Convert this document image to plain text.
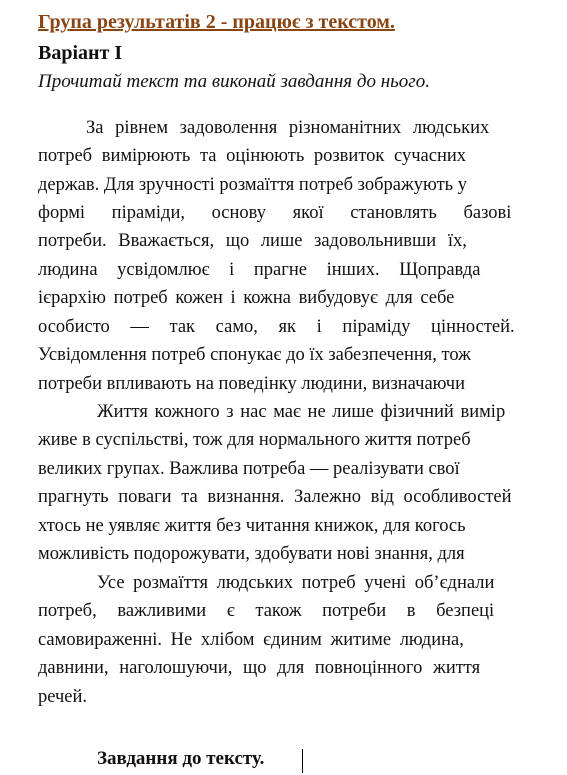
Група результатів 2 - працює з текстом.
Варіант І
Прочитай текст та виконай завдання до нього.
За рівнем задоволення різноманітних людських
потреб вимірюють та оцінюють розвиток сучасних
держав. Для зручності розмаїття потреб зображують у
формі піраміди, основу якої становлять базові
потреби. Вважається, що лише задовольнивши їх,
людина усвідомлює і прагне інших. Щоправда
ієрархію потреб кожен і кожна вибудовує для себе
особисто — так само, як і піраміду цінностей.
Усвідомлення потреб спонукає до їх забезпечення, тож
потреби впливають на поведінку людини, визначаючи
Життя кожного з нас має не лише фізичний вимір
живе в суспільстві, тож для нормального життя потреб
великих групах. Важлива потреба — реалізувати свої
прагнуть поваги та визнання. Залежно від особливостей
хтось не уявляє життя без читання книжок, для когось
можливість подорожувати, здобувати нові знання, для
Усе розмаїття людських потреб учені об’єднали
потреб, важливими є також потреби в безпеці
самовираженні. Не хлібом єдиним житиме людина,
давнини, наголошуючи, що для повноцінного життя
речей.
Завдання до тексту.
